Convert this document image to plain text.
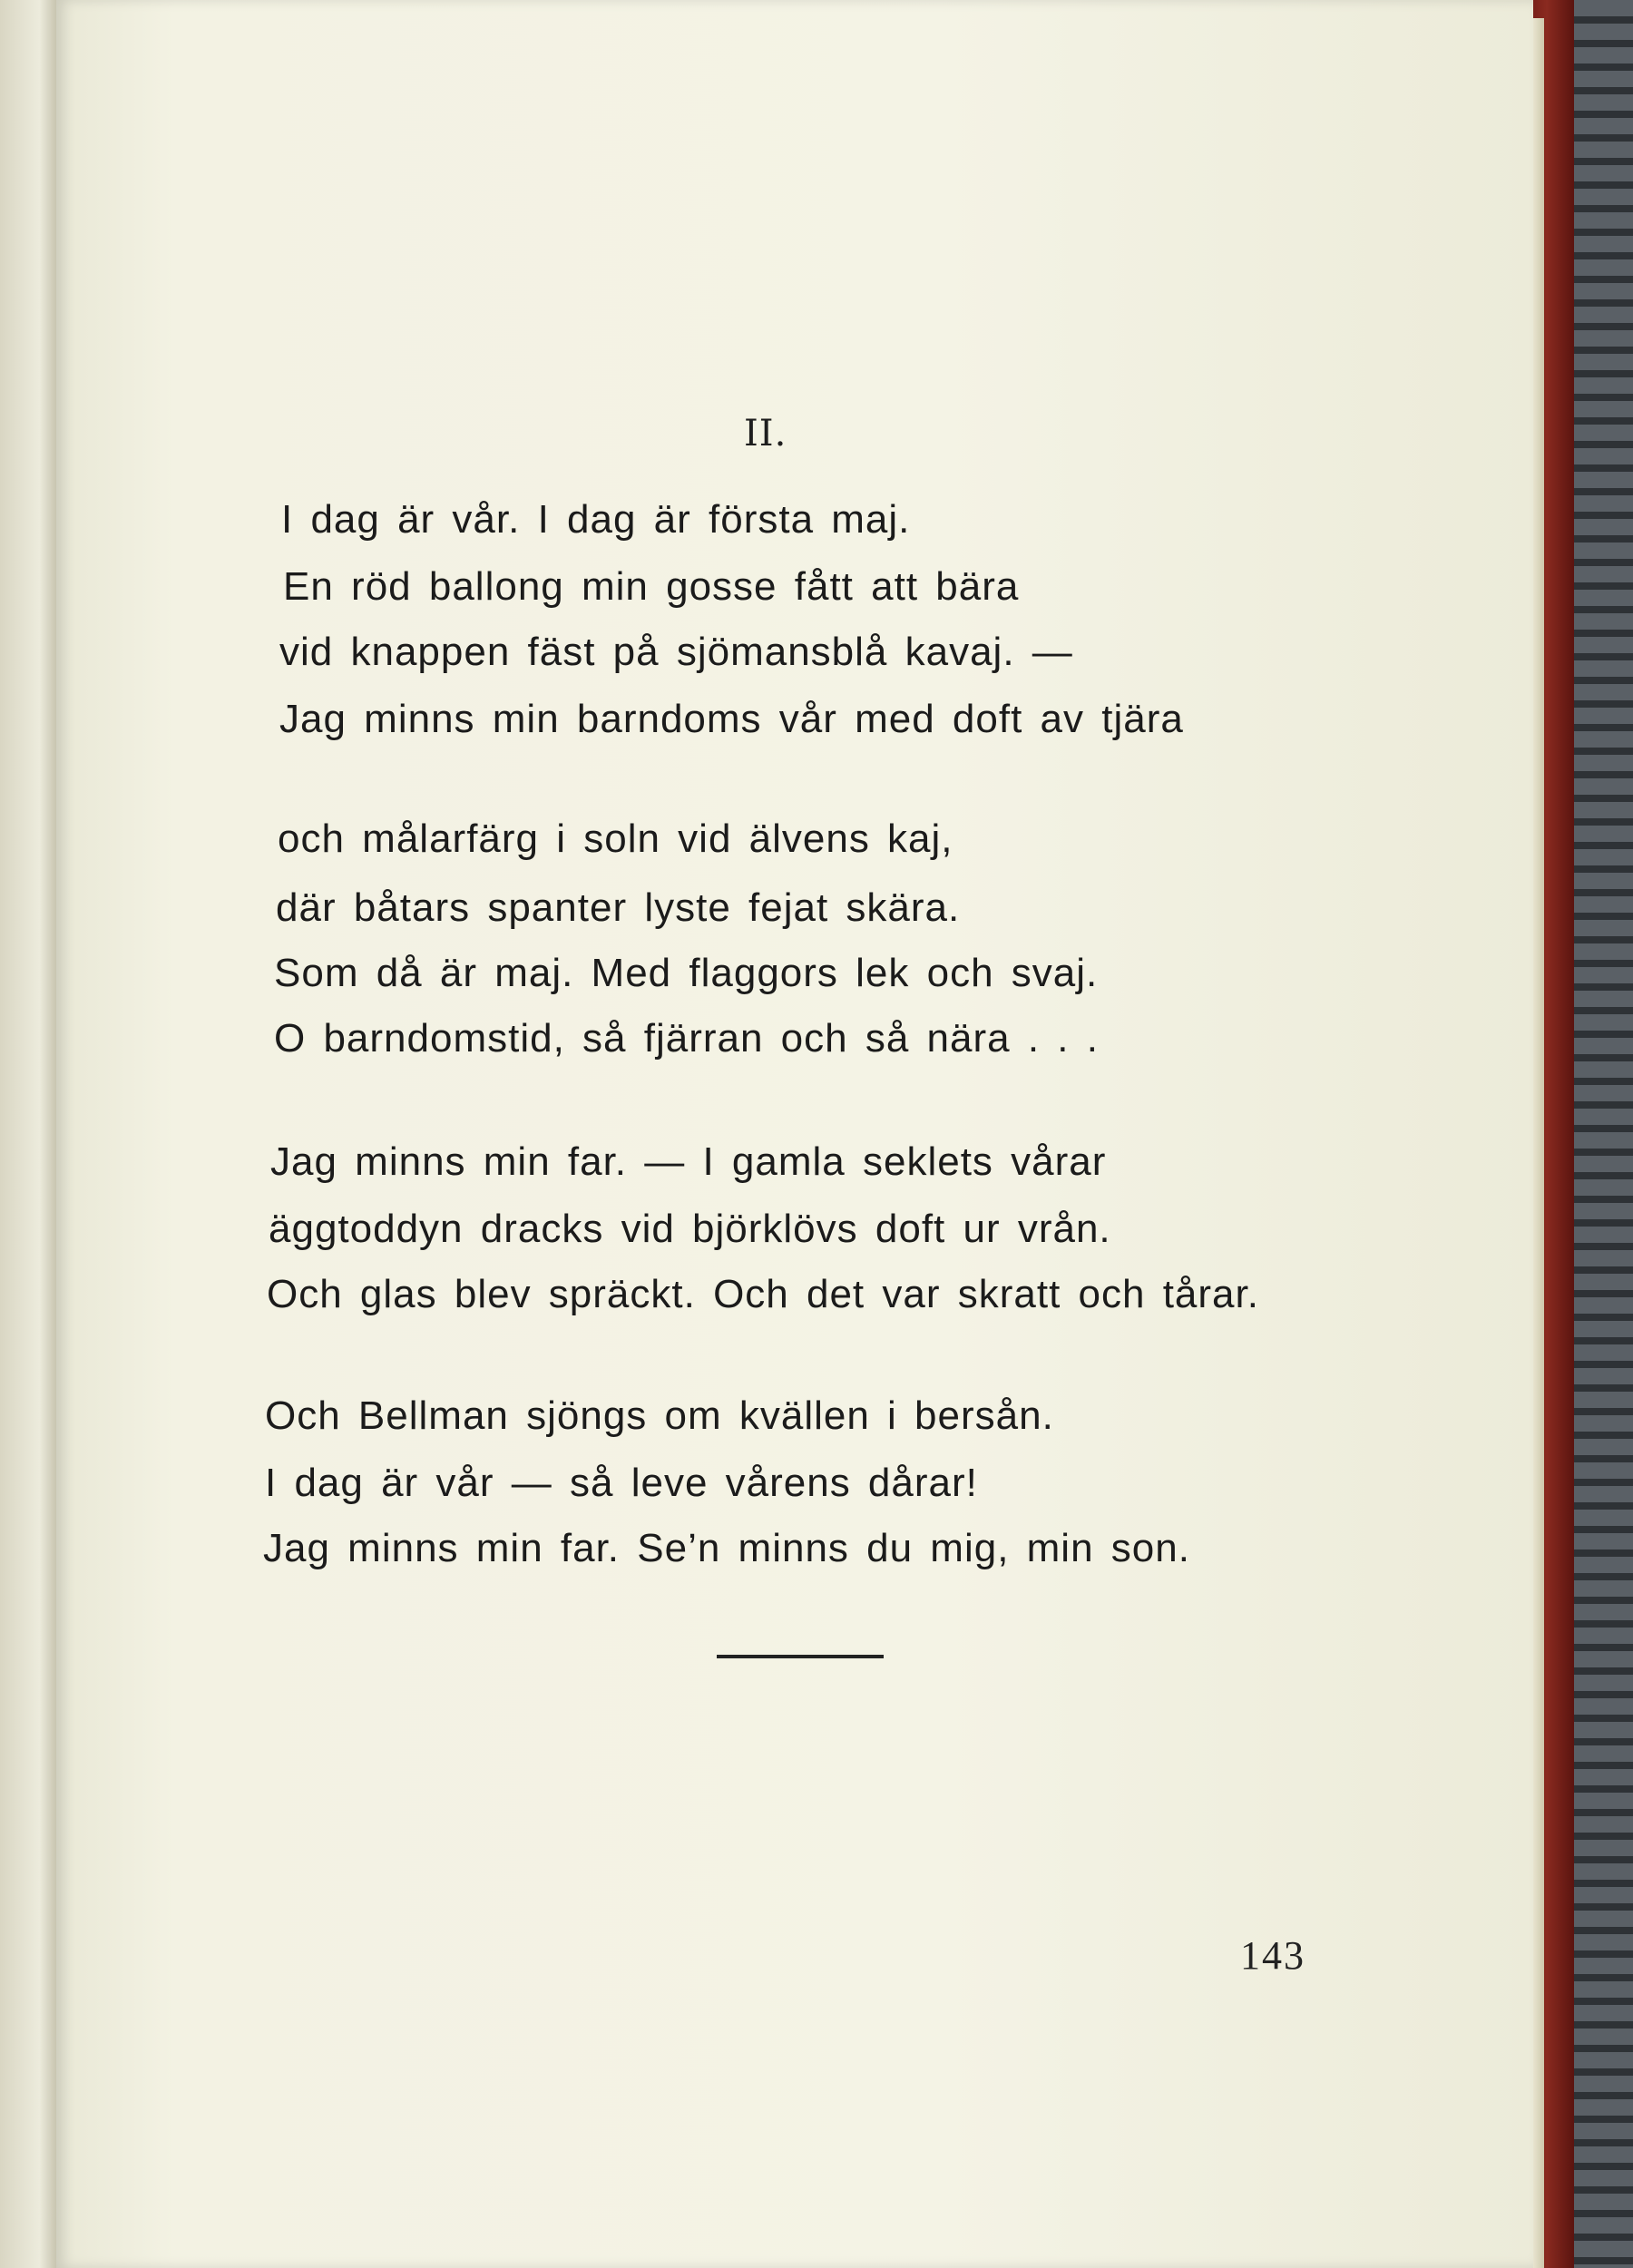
II.
I dag är vår. I dag är första maj.
En röd ballong min gosse fått att bära
vid knappen fäst på sjömansblå kavaj. —
Jag minns min barndoms vår med doft av tjära
och målarfärg i soln vid älvens kaj,
där båtars spanter lyste fejat skära.
Som då är maj. Med flaggors lek och svaj.
O barndomstid, så fjärran och så nära . . .
Jag minns min far. — I gamla seklets vårar
äggtoddyn dracks vid björklövs doft ur vrån.
Och glas blev spräckt. Och det var skratt och tårar.
Och Bellman sjöngs om kvällen i bersån.
I dag är vår — så leve vårens dårar!
Jag minns min far. Se’n minns du mig, min son.
143
